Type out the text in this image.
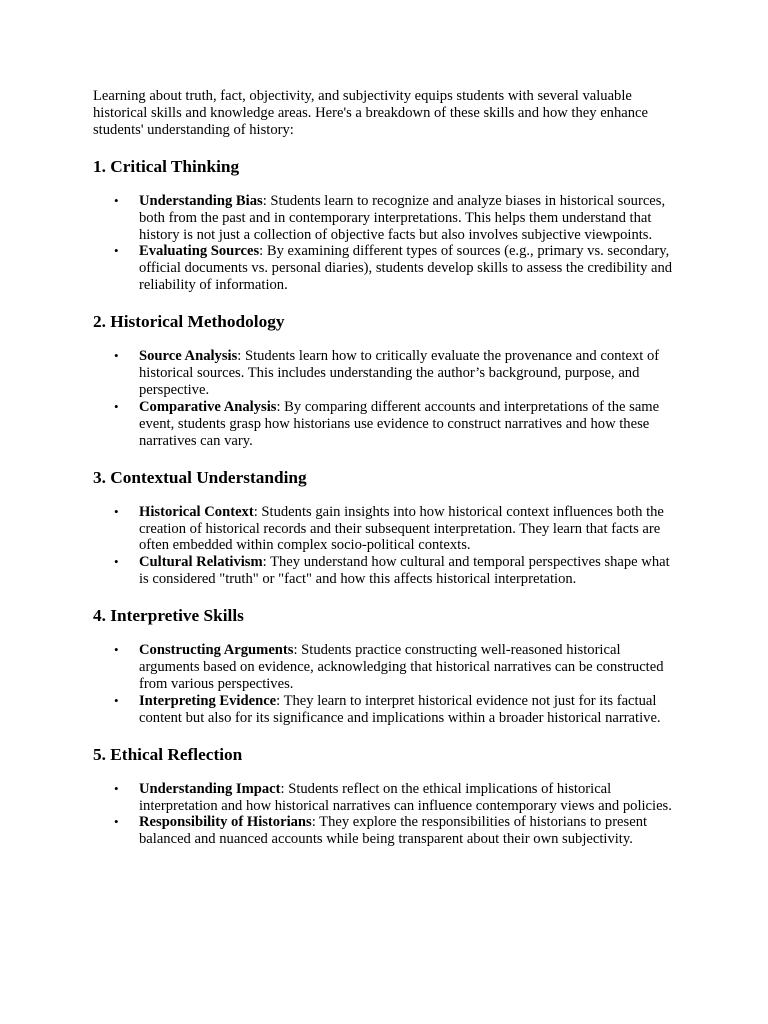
Learning about truth, fact, objectivity, and subjectivity equips students with several valuable historical skills and knowledge areas. Here's a breakdown of these skills and how they enhance students' understanding of history:

1. Critical Thinking
• Understanding Bias: Students learn to recognize and analyze biases in historical sources, both from the past and in contemporary interpretations. This helps them understand that history is not just a collection of objective facts but also involves subjective viewpoints.
• Evaluating Sources: By examining different types of sources (e.g., primary vs. secondary, official documents vs. personal diaries), students develop skills to assess the credibility and reliability of information.
2. Historical Methodology
• Source Analysis: Students learn how to critically evaluate the provenance and context of historical sources. This includes understanding the author’s background, purpose, and perspective.
• Comparative Analysis: By comparing different accounts and interpretations of the same event, students grasp how historians use evidence to construct narratives and how these narratives can vary.
3. Contextual Understanding
• Historical Context: Students gain insights into how historical context influences both the creation of historical records and their subsequent interpretation. They learn that facts are often embedded within complex socio-political contexts.
• Cultural Relativism: They understand how cultural and temporal perspectives shape what is considered "truth" or "fact" and how this affects historical interpretation.
4. Interpretive Skills
• Constructing Arguments: Students practice constructing well-reasoned historical arguments based on evidence, acknowledging that historical narratives can be constructed from various perspectives.
• Interpreting Evidence: They learn to interpret historical evidence not just for its factual content but also for its significance and implications within a broader historical narrative.
5. Ethical Reflection
• Understanding Impact: Students reflect on the ethical implications of historical interpretation and how historical narratives can influence contemporary views and policies.
• Responsibility of Historians: They explore the responsibilities of historians to present balanced and nuanced accounts while being transparent about their own subjectivity.
